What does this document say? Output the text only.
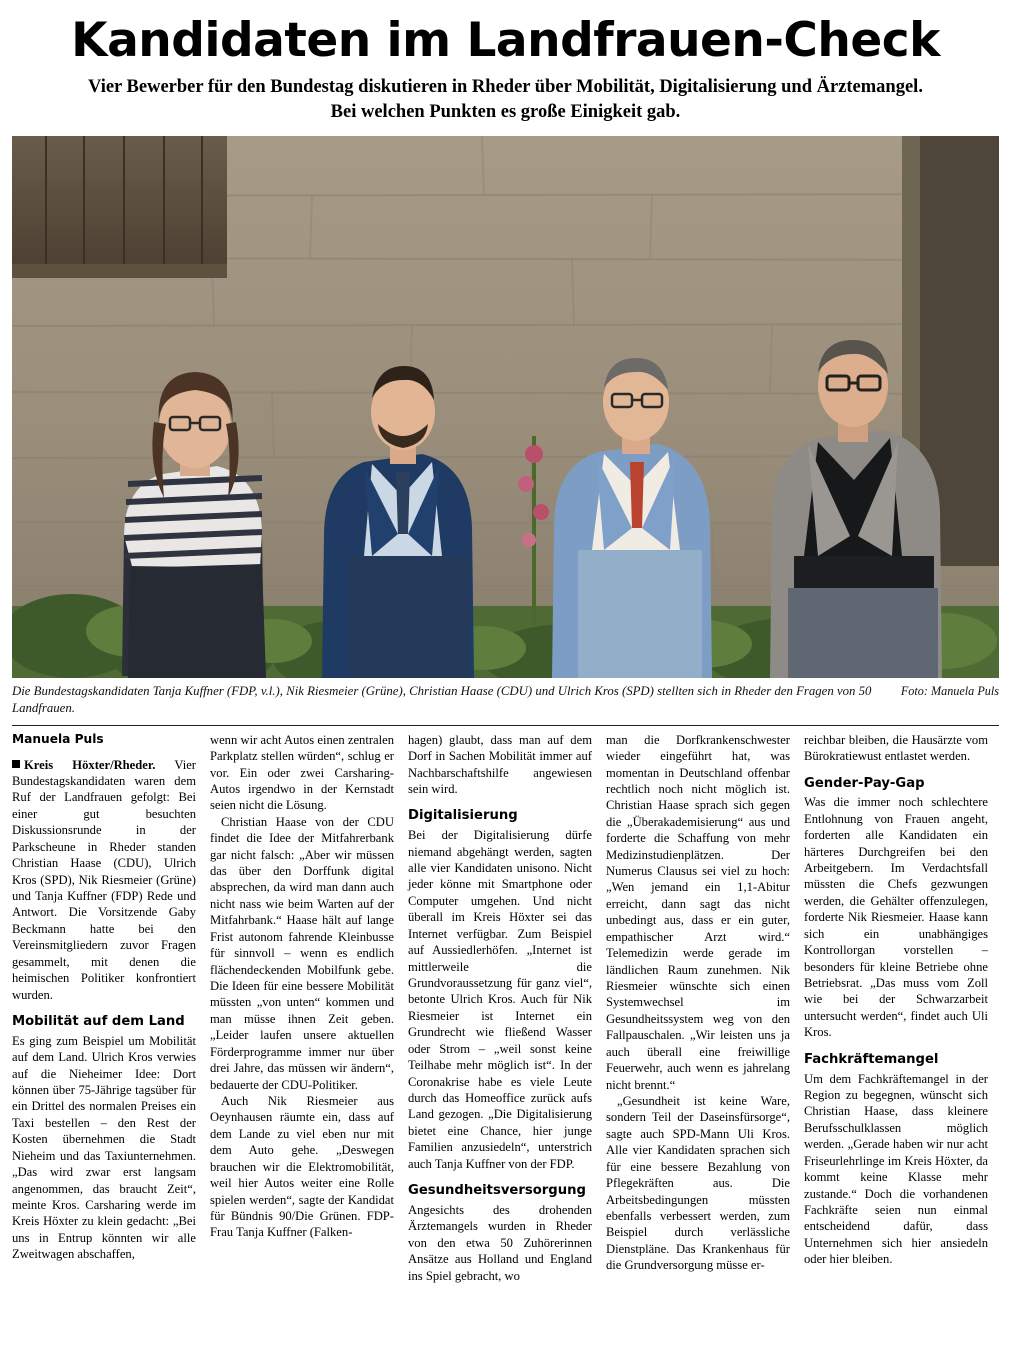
Kandidaten im Landfrauen-Check
Vier Bewerber für den Bundestag diskutieren in Rheder über Mobilität, Digitalisierung und Ärztemangel.
Bei welchen Punkten es große Einigkeit gab.
Foto: Manuela Puls
Die Bundestagskandidaten Tanja Kuffner (FDP, v.l.), Nik Riesmeier (Grüne), Christian Haase (CDU) und Ulrich Kros (SPD) stellten sich in Rheder den Fragen von 50 Landfrauen.
Manuela Puls

Kreis Höxter/Rheder. Vier Bundestagskandidaten waren dem Ruf der Landfrauen gefolgt: Bei einer gut besuchten Diskussionsrunde in der Parkscheune in Rheder standen Christian Haase (CDU), Ulrich Kros (SPD), Nik Riesmeier (Grüne) und Tanja Kuffner (FDP) Rede und Antwort. Die Vorsitzende Gaby Beckmann hatte bei den Vereinsmitgliedern zuvor Fragen gesammelt, mit denen die heimischen Politiker konfrontiert wurden.

Mobilität auf dem Land

Es ging zum Beispiel um Mobilität auf dem Land. Ulrich Kros verwies auf die Nieheimer Idee: Dort können über 75-Jährige tagsüber für ein Drittel des normalen Preises ein Taxi bestellen – den Rest der Kosten übernehmen die Stadt Nieheim und das Taxiunternehmen. „Das wird zwar erst langsam angenommen, das braucht Zeit“, meinte Kros. Carsharing werde im Kreis Höxter zu klein gedacht: „Bei uns in Entrup könnten wir alle Zweitwagen abschaffen,

wenn wir acht Autos einen zentralen Parkplatz stellen würden“, schlug er vor. Ein oder zwei Carsharing-Autos irgendwo in der Kernstadt seien nicht die Lösung.

Christian Haase von der CDU findet die Idee der Mitfahrerbank gar nicht falsch: „Aber wir müssen das über den Dorffunk digital absprechen, da wird man dann auch nicht nass wie beim Warten auf der Mitfahrbank.“ Haase hält auf lange Frist autonom fahrende Kleinbusse für sinnvoll – wenn es endlich flächendeckenden Mobilfunk gebe. Die Ideen für eine bessere Mobilität müssten „von unten“ kommen und man müsse ihnen Zeit geben. „Leider laufen unsere aktuellen Förderprogramme immer nur über drei Jahre, das müssen wir ändern“, bedauerte der CDU-Politiker.

Auch Nik Riesmeier aus Oeynhausen räumte ein, dass auf dem Lande zu viel eben nur mit dem Auto gehe. „Deswegen brauchen wir die Elektromobilität, weil hier Autos weiter eine Rolle spielen werden“, sagte der Kandidat für Bündnis 90/Die Grünen. FDP-Frau Tanja Kuffner (Falken-

hagen) glaubt, dass man auf dem Dorf in Sachen Mobilität immer auf Nachbarschaftshilfe angewiesen sein wird.

Digitalisierung

Bei der Digitalisierung dürfe niemand abgehängt werden, sagten alle vier Kandidaten unisono. Nicht jeder könne mit Smartphone oder Computer umgehen. Und nicht überall im Kreis Höxter sei das Internet verfügbar. Zum Beispiel auf Aussiedlerhöfen. „Internet ist mittlerweile die Grundvoraussetzung für ganz viel“, betonte Ulrich Kros. Auch für Nik Riesmeier ist Internet ein Grundrecht wie fließend Wasser oder Strom – „weil sonst keine Teilhabe mehr möglich ist“. In der Coronakrise habe es viele Leute durch das Homeoffice zurück aufs Land gezogen. „Die Digitalisierung bietet eine Chance, hier junge Familien anzusiedeln“, unterstrich auch Tanja Kuffner von der FDP.

Gesundheitsversorgung

Angesichts des drohenden Ärztemangels wurden in Rheder von den etwa 50 Zuhörerinnen Ansätze aus Holland und England ins Spiel gebracht, wo

man die Dorfkrankenschwester wieder eingeführt hat, was momentan in Deutschland offenbar rechtlich noch nicht möglich ist. Christian Haase sprach sich gegen die „Überakademisierung“ aus und forderte die Schaffung von mehr Medizinstudienplätzen. Der Numerus Clausus sei viel zu hoch: „Wen jemand ein 1,1-Abitur erreicht, dann sagt das nicht unbedingt aus, dass er ein guter, empathischer Arzt wird.“ Telemedizin werde gerade im ländlichen Raum zunehmen. Nik Riesmeier wünschte sich einen Systemwechsel im Gesundheitssystem weg von den Fallpauschalen. „Wir leisten uns ja auch überall eine freiwillige Feuerwehr, auch wenn es jahrelang nicht brennt.“

„Gesundheit ist keine Ware, sondern Teil der Daseinsfürsorge“, sagte auch SPD-Mann Uli Kros. Alle vier Kandidaten sprachen sich für eine bessere Bezahlung von Pflegekräften aus. Die Arbeitsbedingungen müssten ebenfalls verbessert werden, zum Beispiel durch verlässliche Dienstpläne. Das Krankenhaus für die Grundversorgung müsse er-

reichbar bleiben, die Hausärzte vom Bürokratiewust entlastet werden.

Gender-Pay-Gap

Was die immer noch schlechtere Entlohnung von Frauen angeht, forderten alle Kandidaten ein härteres Durchgreifen bei den Arbeitgebern. Im Verdachtsfall müssten die Chefs gezwungen werden, die Gehälter offenzulegen, forderte Nik Riesmeier. Haase kann sich ein unabhängiges Kontrollorgan vorstellen – besonders für kleine Betriebe ohne Betriebsrat. „Das muss vom Zoll wie bei der Schwarzarbeit untersucht werden“, findet auch Uli Kros.

Fachkräftemangel

Um dem Fachkräftemangel in der Region zu begegnen, wünscht sich Christian Haase, dass kleinere Berufsschulklassen möglich werden. „Gerade haben wir nur acht Friseurlehrlinge im Kreis Höxter, da kommt keine Klasse mehr zustande.“ Doch die vorhandenen Fachkräfte seien nun einmal entscheidend dafür, dass Unternehmen sich hier ansiedeln oder hier bleiben.
